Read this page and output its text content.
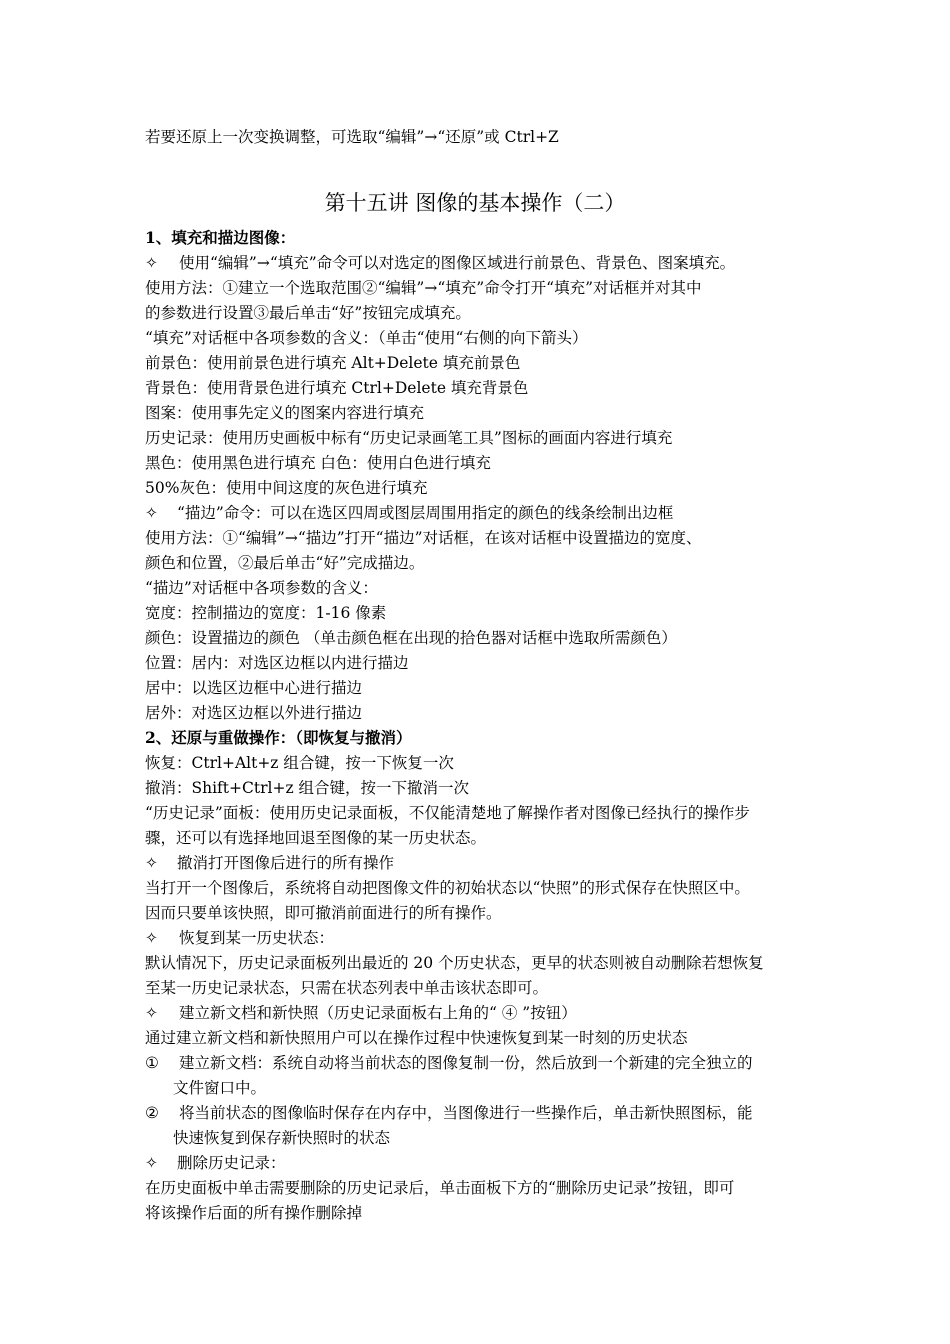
若要还原上一次变换调整，可选取“编辑”→“还原”或 Ctrl+Z
第十五讲 图像的基本操作（二）
1、填充和描边图像：
✧ 使用“编辑”→“填充”命令可以对选定的图像区域进行前景色、背景色、图案填充。
使用方法：①建立一个选取范围②“编辑”→“填充”命令打开“填充”对话框并对其中
的参数进行设置③最后单击“好”按钮完成填充。
“填充”对话框中各项参数的含义：（单击“使用“右侧的向下箭头）
前景色：使用前景色进行填充 Alt+Delete 填充前景色
背景色：使用背景色进行填充 Ctrl+Delete 填充背景色
图案：使用事先定义的图案内容进行填充
历史记录：使用历史画板中标有“历史记录画笔工具”图标的画面内容进行填充
黑色：使用黑色进行填充 白色：使用白色进行填充
50%灰色：使用中间这度的灰色进行填充
✧ “描边”命令：可以在选区四周或图层周围用指定的颜色的线条绘制出边框
使用方法：①“编辑”→“描边”打开“描边”对话框，在该对话框中设置描边的宽度、
颜色和位置，②最后单击“好”完成描边。
“描边”对话框中各项参数的含义：
宽度：控制描边的宽度：1-16 像素
颜色：设置描边的颜色 （单击颜色框在出现的拾色器对话框中选取所需颜色）
位置：居内：对选区边框以内进行描边
居中：以选区边框中心进行描边
居外：对选区边框以外进行描边
2、还原与重做操作：（即恢复与撤消）
恢复：Ctrl+Alt+z 组合键，按一下恢复一次
撤消：Shift+Ctrl+z 组合键，按一下撤消一次
“历史记录”面板：使用历史记录面板，不仅能清楚地了解操作者对图像已经执行的操作步
骤，还可以有选择地回退至图像的某一历史状态。
✧ 撤消打开图像后进行的所有操作
当打开一个图像后，系统将自动把图像文件的初始状态以“快照”的形式保存在快照区中。
因而只要单该快照，即可撤消前面进行的所有操作。
✧ 恢复到某一历史状态：
默认情况下，历史记录面板列出最近的 20 个历史状态，更早的状态则被自动删除若想恢复
至某一历史记录状态，只需在状态列表中单击该状态即可。
✧ 建立新文档和新快照（历史记录面板右上角的“ ④ ”按钮）
通过建立新文档和新快照用户可以在操作过程中快速恢复到某一时刻的历史状态
① 建立新文档：系统自动将当前状态的图像复制一份，然后放到一个新建的完全独立的
文件窗口中。
② 将当前状态的图像临时保存在内存中，当图像进行一些操作后，单击新快照图标，能
快速恢复到保存新快照时的状态
✧ 删除历史记录：
在历史面板中单击需要删除的历史记录后，单击面板下方的“删除历史记录”按钮，即可
将该操作后面的所有操作删除掉
